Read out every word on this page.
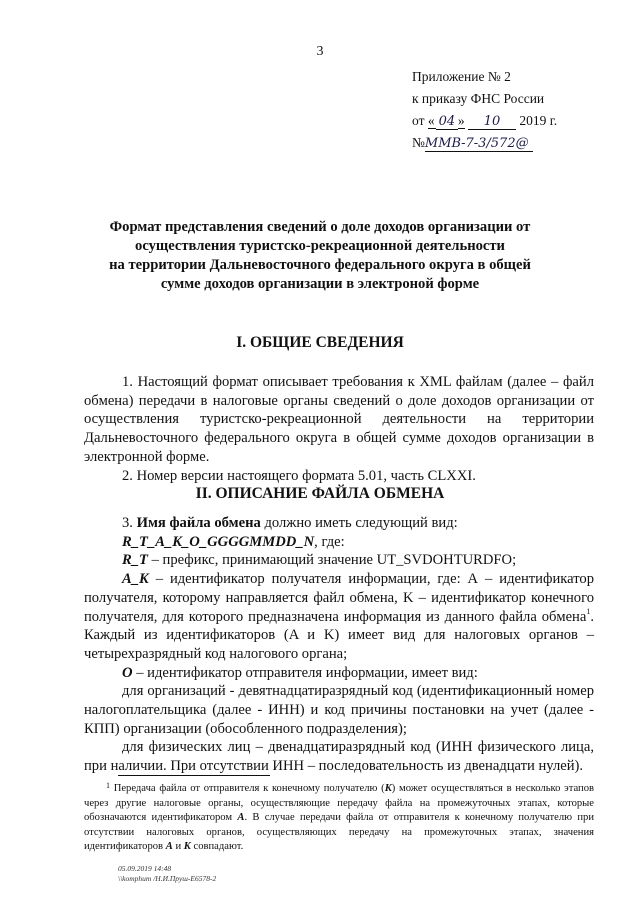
3
Приложение № 2
к приказу ФНС России
от « 04 » 10 2019 г.
№ММВ-7-3/572@
Формат представления сведений о доле доходов организации от
осуществления туристско-рекреационной деятельности
на территории Дальневосточного федерального округа в общей
сумме доходов организации в электроной форме
I. ОБЩИЕ СВЕДЕНИЯ

1. Настоящий формат описывает требования к XML файлам (далее – файл обмена) передачи в налоговые органы сведений о доле доходов организации от осуществления туристско-рекреационной деятельности на территории Дальневосточного федерального округа в общей сумме доходов организации в электронной форме.

2. Номер версии настоящего формата 5.01, часть CLXXI.

II. ОПИСАНИЕ ФАЙЛА ОБМЕНА

3. Имя файла обмена должно иметь следующий вид:

R_T_A_K_O_GGGGMMDD_N, где:

R_T – префикс, принимающий значение UT_SVDOHTURDFO;

A_K – идентификатор получателя информации, где: А – идентификатор получателя, которому направляется файл обмена, K – идентификатор конечного получателя, для которого предназначена информация из данного файла обмена$^1$. Каждый из идентификаторов (A и K) имеет вид для налоговых органов – четырехразрядный код налогового органа;

O – идентификатор отправителя информации, имеет вид:

для организаций - девятнадцатиразрядный код (идентификационный номер налогоплательщика (далее - ИНН) и код причины постановки на учет (далее - КПП) организации (обособленного подразделения);

для физических лиц – двенадцатиразрядный код (ИНН физического лица, при наличии. При отсутствии ИНН – последовательность из двенадцати нулей).

$^1$ Передача файла от отправителя к конечному получателю (K) может осуществляться в несколько этапов через другие налоговые органы, осуществляющие передачу файла на промежуточных этапах, которые обозначаются идентификатором А. В случае передачи файла от отправителя к конечному получателю при отсутствии налоговых органов, осуществляющих передачу на промежуточных этапах, значения идентификаторов А и K совпадают.
05.09.2019 14:48
\\komphum /Н.И.Пруш-Е6578-2
